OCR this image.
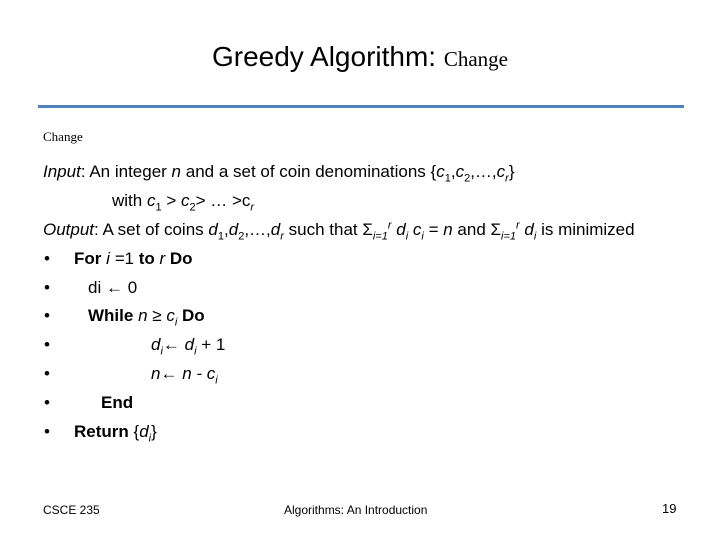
Greedy Algorithm: Change
Change
Input: An integer n and a set of coin denominations $\{c_1,c_2,\dots,c_r\}$
with $c_1 > c_2>$ … $>c_r$
Output: A set of coins $d_1,d_2,\dots,d_r$ such that $\Sigma_{i=1}^r$ $d_i$ $c_i = n$ and $\Sigma_{i=1}^r$ $d_i$ is minimized
• For i =1 to r Do
• di ← 0
• While $n \ge c_i$ Do
•	$d_i\leftarrow$ $d_i + 1$
•	n← n - $c_i$
•	End
• Return $\{d_i\}$
CSCE 235	Algorithms: An Introduction	19
